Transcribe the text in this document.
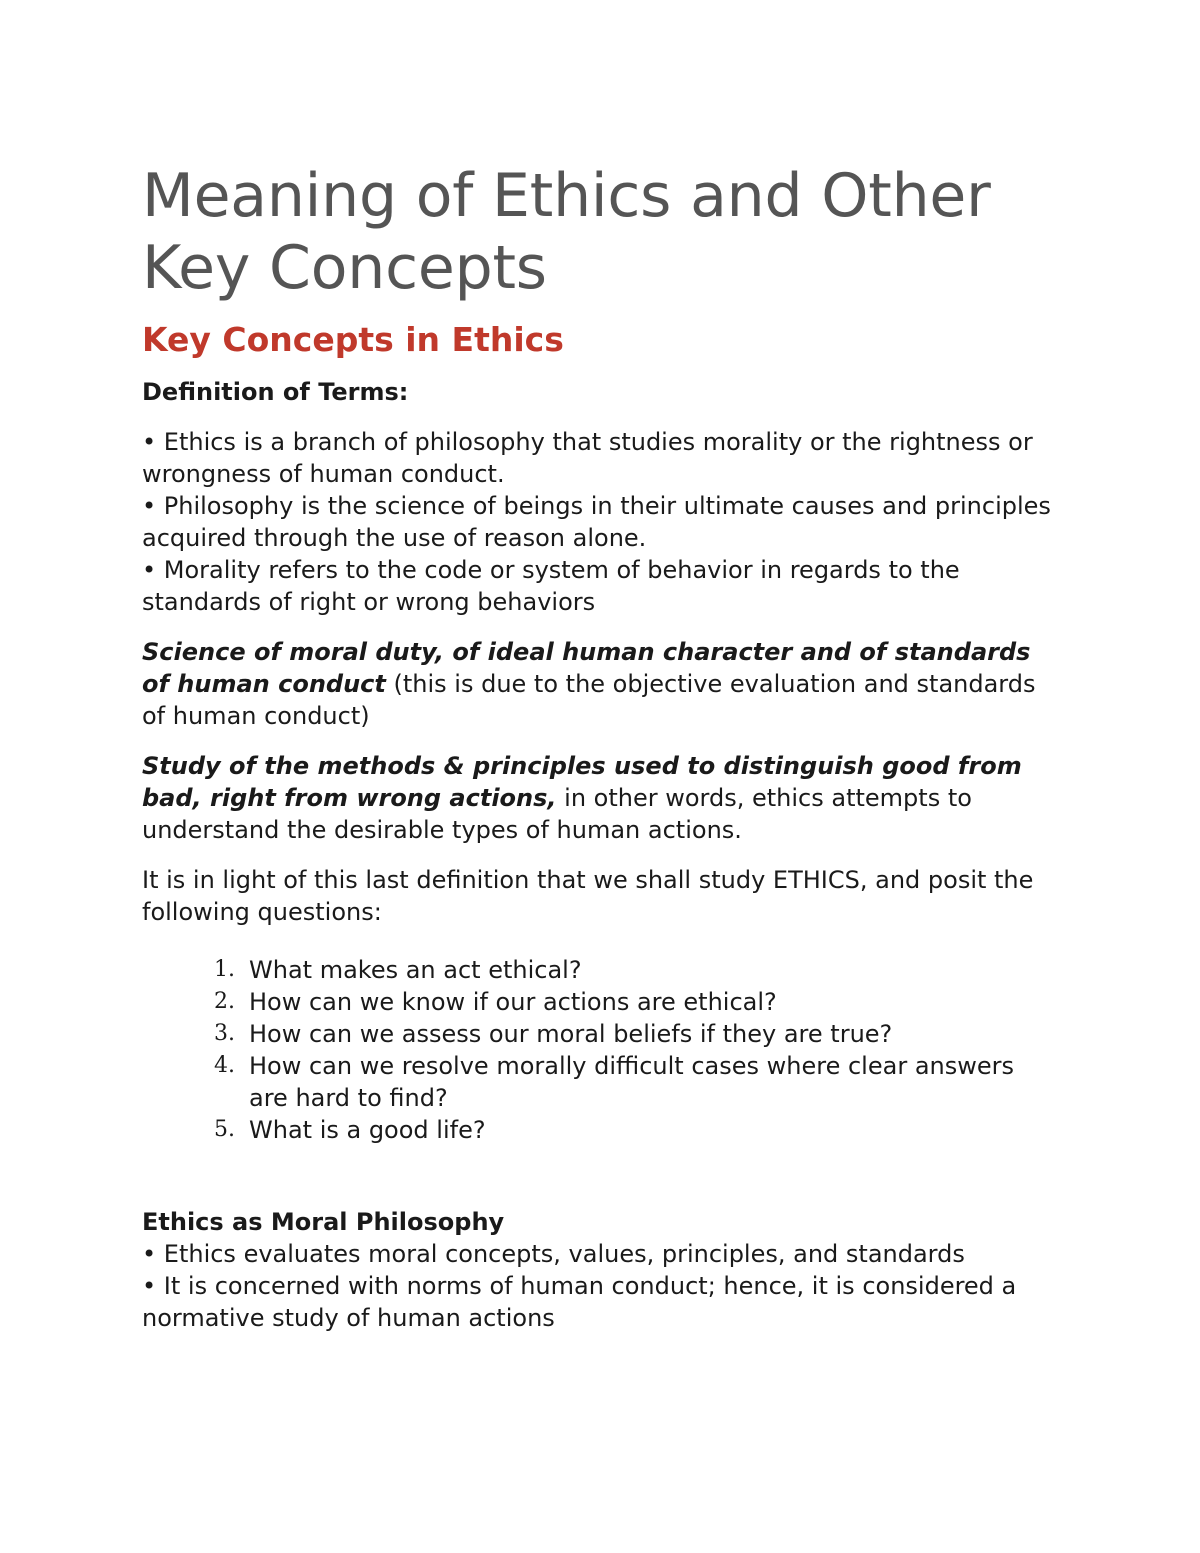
Meaning of Ethics and Other
Key Concepts
Key Concepts in Ethics
Definition of Terms:

• Ethics is a branch of philosophy that studies morality or the rightness or wrongness of human conduct.

• Philosophy is the science of beings in their ultimate causes and principles acquired through the use of reason alone.

• Morality refers to the code or system of behavior in regards to the standards of right or wrong behaviors

Science of moral duty, of ideal human character and of standards of human conduct (this is due to the objective evaluation and standards of human conduct)

Study of the methods & principles used to distinguish good from bad, right from wrong actions, in other words, ethics attempts to understand the desirable types of human actions.

It is in light of this last definition that we shall study ETHICS, and posit the following questions:

1. What makes an act ethical?
2. How can we know if our actions are ethical?
3. How can we assess our moral beliefs if they are true?
4. How can we resolve morally difficult cases where clear answers are hard to find?
5. What is a good life?
Ethics as Moral Philosophy

• Ethics evaluates moral concepts, values, principles, and standards

• It is concerned with norms of human conduct; hence, it is considered a normative study of human actions
